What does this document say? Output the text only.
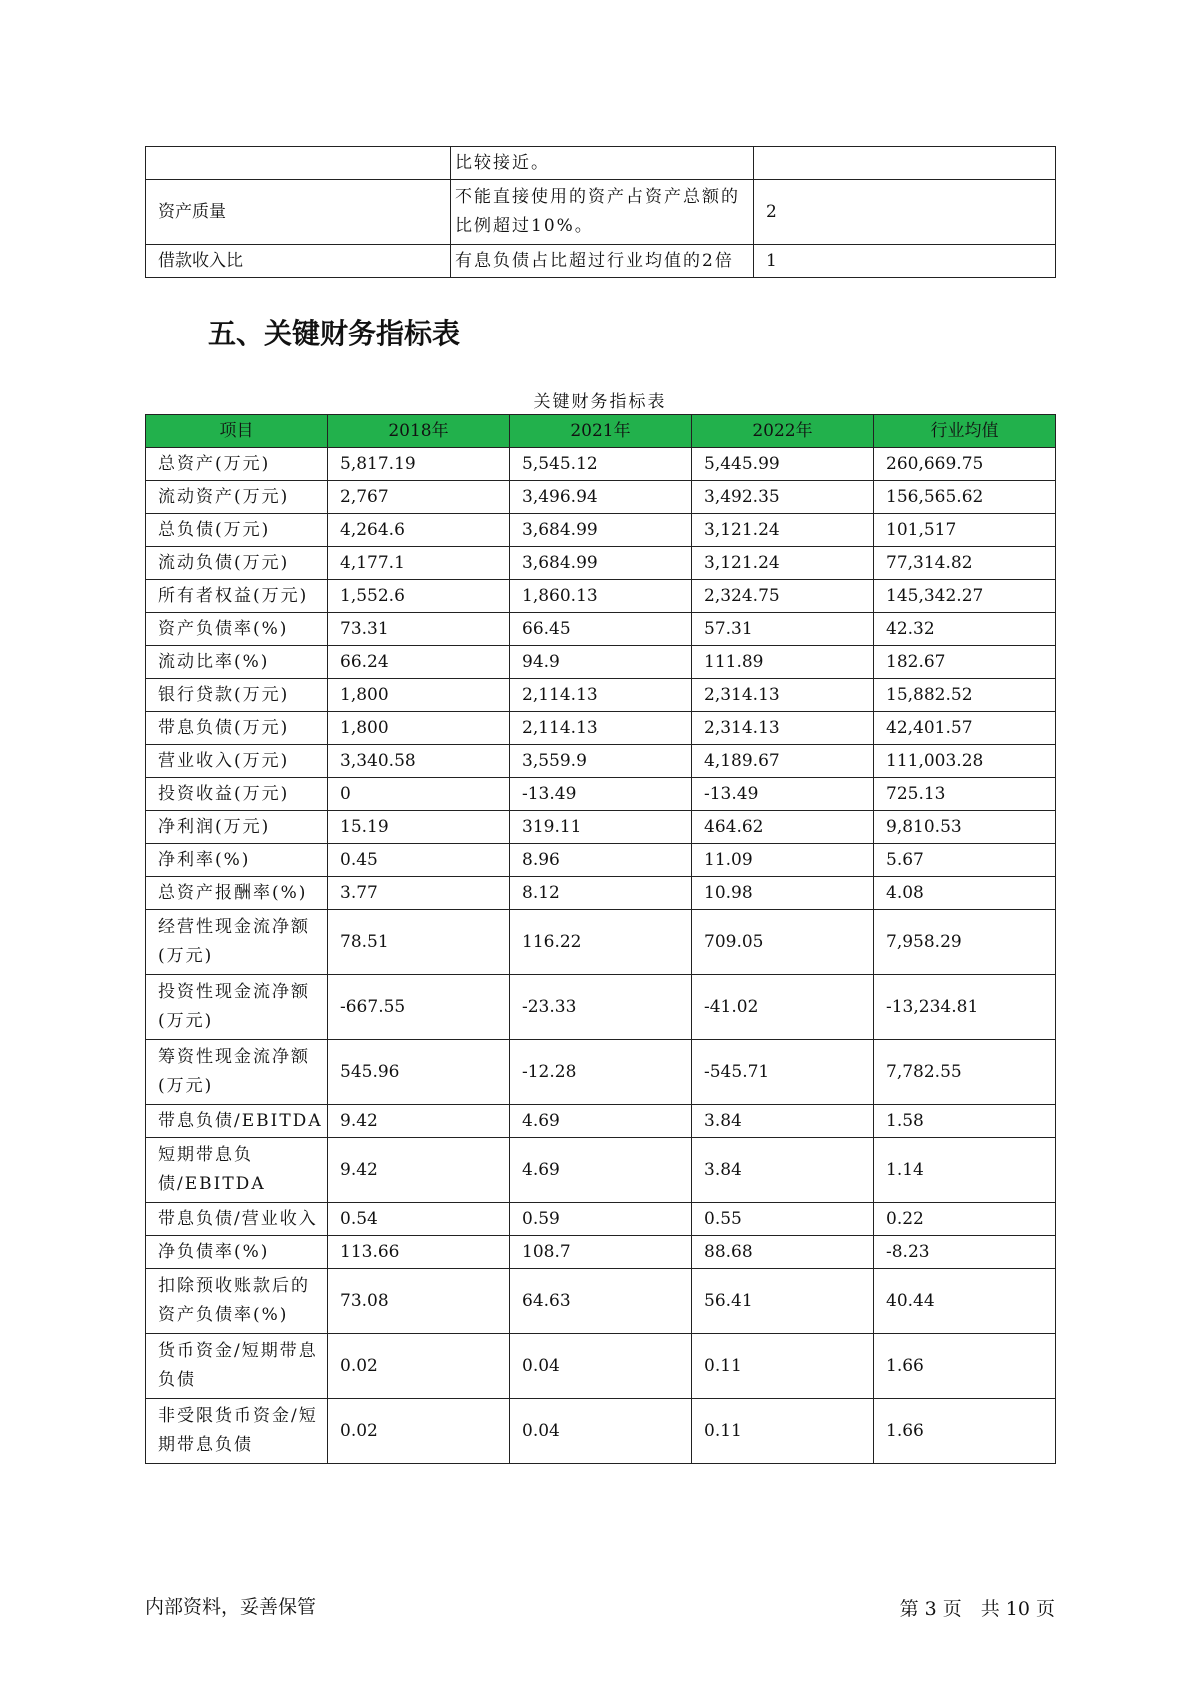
	比较接近。	
资产质量	不能直接使用的资产占资产总额的比例超过10%。	2
借款收入比	有息负债占比超过行业均值的2倍	1
五、关键财务指标表
关键财务指标表
项目	2018年	2021年	2022年	行业均值
总资产(万元)	5,817.19	5,545.12	5,445.99	260,669.75
流动资产(万元)	2,767	3,496.94	3,492.35	156,565.62
总负债(万元)	4,264.6	3,684.99	3,121.24	101,517
流动负债(万元)	4,177.1	3,684.99	3,121.24	77,314.82
所有者权益(万元)	1,552.6	1,860.13	2,324.75	145,342.27
资产负债率(%)	73.31	66.45	57.31	42.32
流动比率(%)	66.24	94.9	111.89	182.67
银行贷款(万元)	1,800	2,114.13	2,314.13	15,882.52
带息负债(万元)	1,800	2,114.13	2,314.13	42,401.57
营业收入(万元)	3,340.58	3,559.9	4,189.67	111,003.28
投资收益(万元)	0	-13.49	-13.49	725.13
净利润(万元)	15.19	319.11	464.62	9,810.53
净利率(%)	0.45	8.96	11.09	5.67
总资产报酬率(%)	3.77	8.12	10.98	4.08
经营性现金流净额(万元)	78.51	116.22	709.05	7,958.29
投资性现金流净额(万元)	-667.55	-23.33	-41.02	-13,234.81
筹资性现金流净额(万元)	545.96	-12.28	-545.71	7,782.55
带息负债/EBITDA	9.42	4.69	3.84	1.58
短期带息负债/EBITDA	9.42	4.69	3.84	1.14
带息负债/营业收入	0.54	0.59	0.55	0.22
净负债率(%)	113.66	108.7	88.68	-8.23
扣除预收账款后的资产负债率(%)	73.08	64.63	56.41	40.44
货币资金/短期带息负债	0.02	0.04	0.11	1.66
非受限货币资金/短期带息负债	0.02	0.04	0.11	1.66
内部资料，妥善保管	第 3 页　共 10 页
